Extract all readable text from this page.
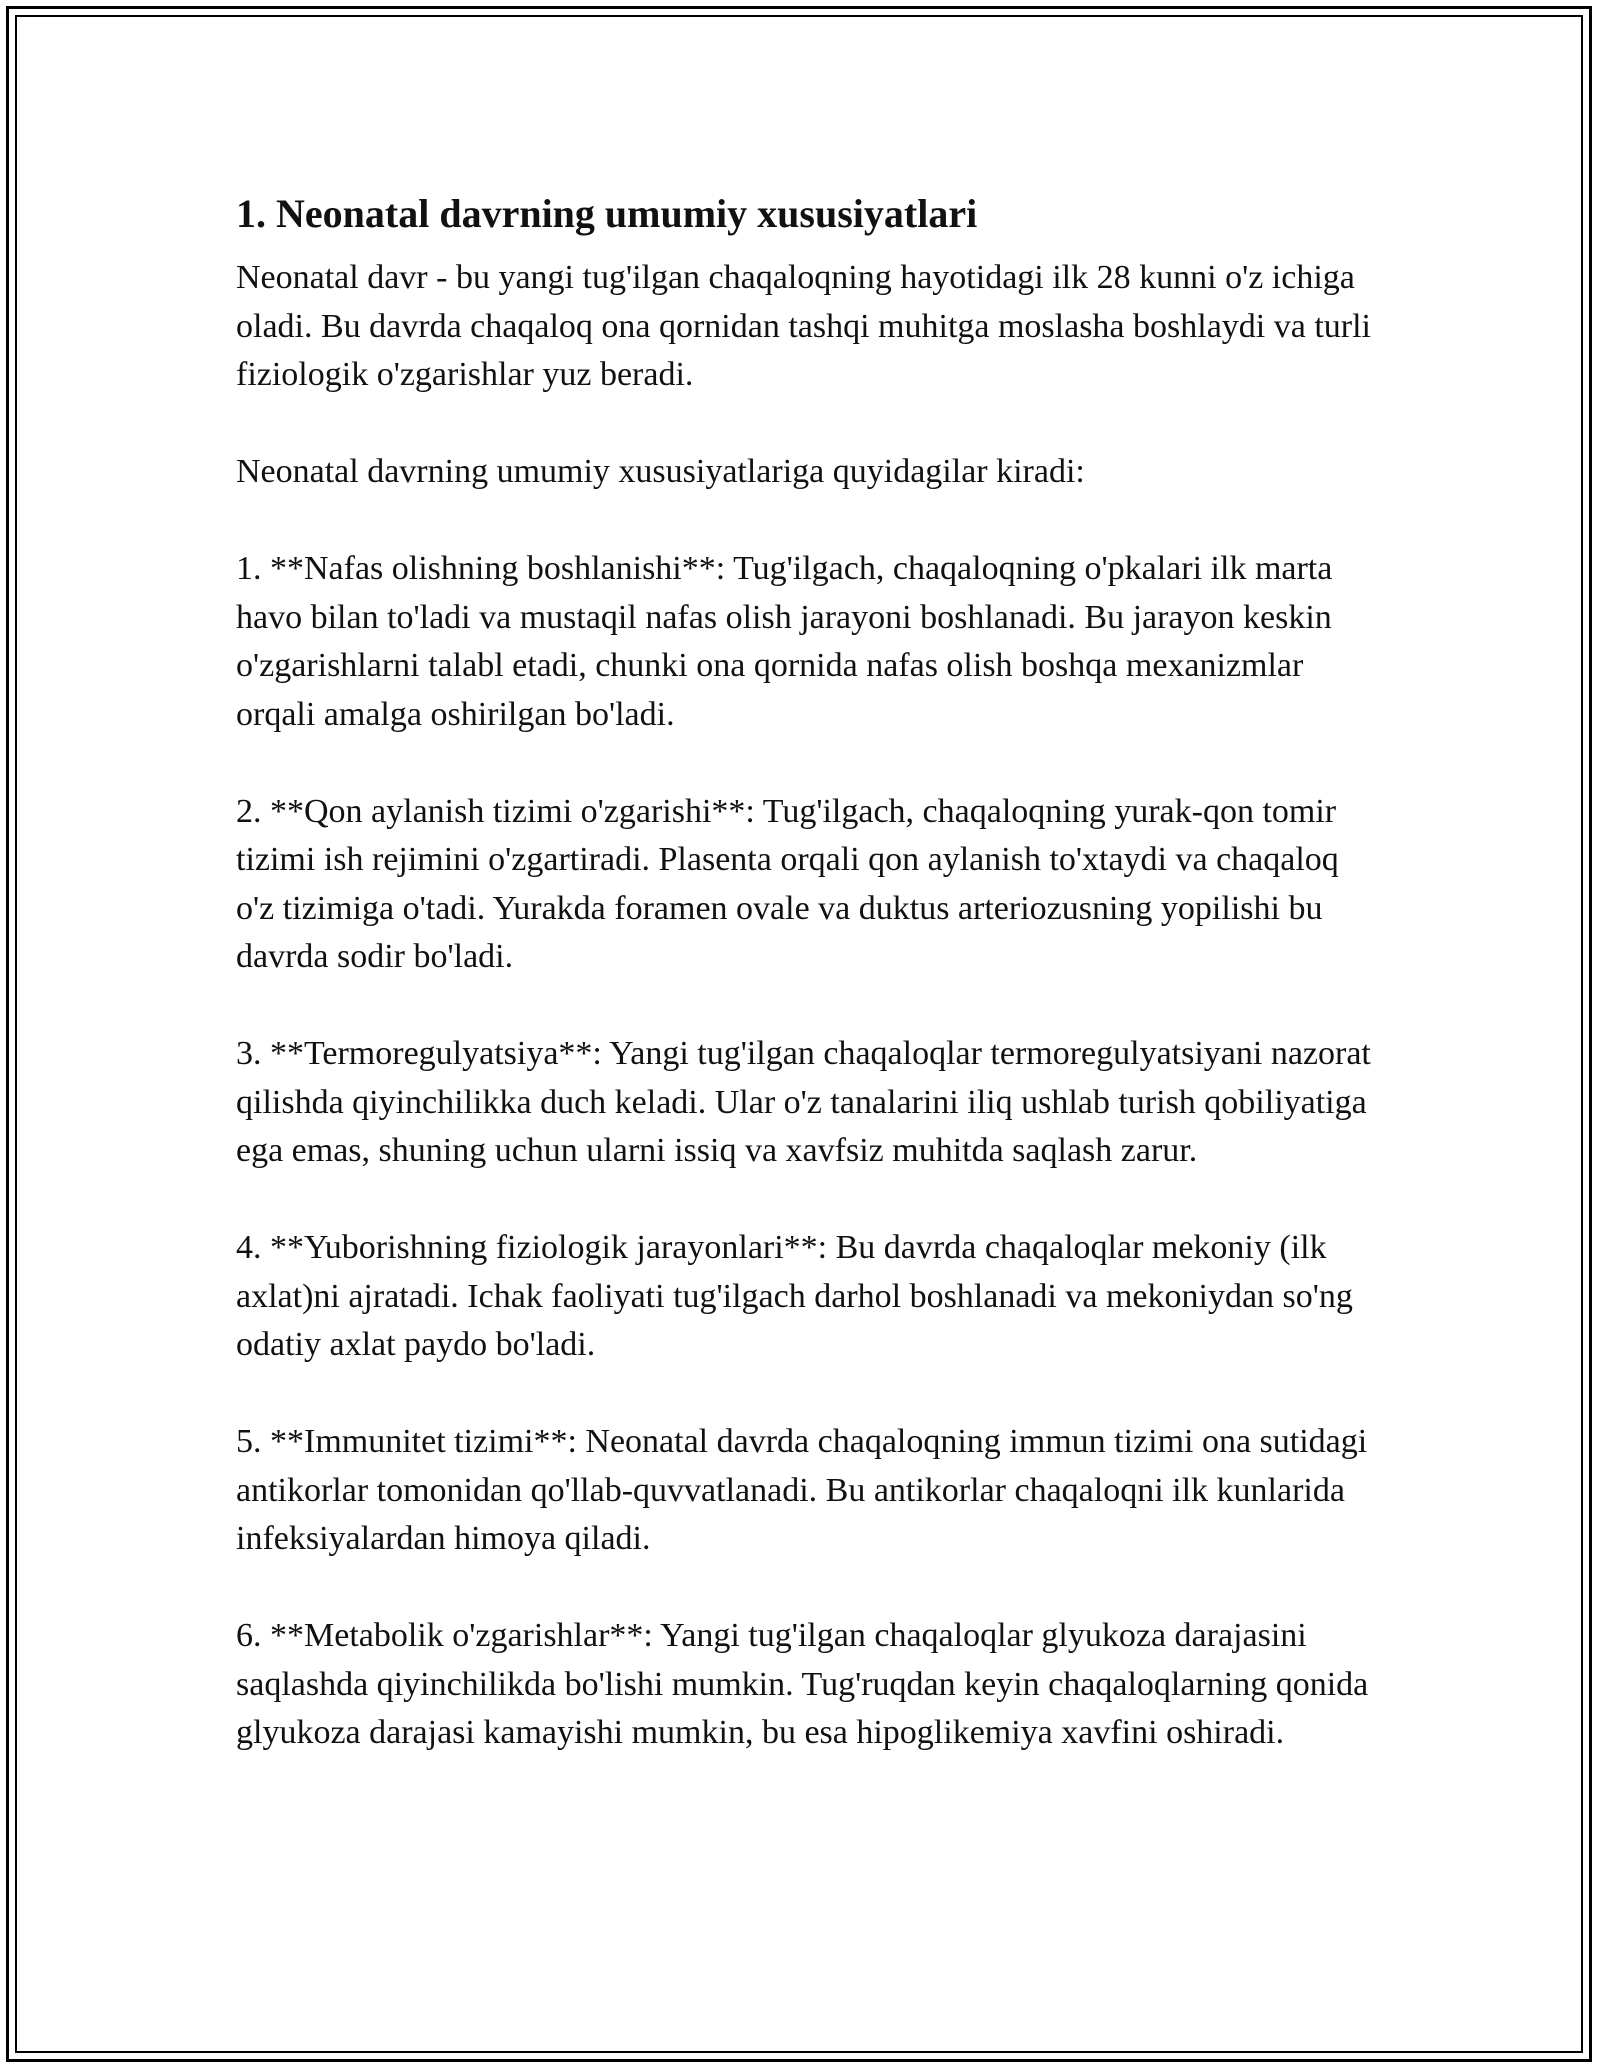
1. Neonatal davrning umumiy xususiyatlari

Neonatal davr - bu yangi tug'ilgan chaqaloqning hayotidagi ilk 28 kunni o'z ichiga oladi. Bu davrda chaqaloq ona qornidan tashqi muhitga moslasha boshlaydi va turli fiziologik o'zgarishlar yuz beradi.

Neonatal davrning umumiy xususiyatlariga quyidagilar kiradi:

1. **Nafas olishning boshlanishi**: Tug'ilgach, chaqaloqning o'pkalari ilk marta havo bilan to'ladi va mustaqil nafas olish jarayoni boshlanadi. Bu jarayon keskin o'zgarishlarni talabl etadi, chunki ona qornida nafas olish boshqa mexanizmlar orqali amalga oshirilgan bo'ladi.

2. **Qon aylanish tizimi o'zgarishi**: Tug'ilgach, chaqaloqning yurak-qon tomir tizimi ish rejimini o'zgartiradi. Plasenta orqali qon aylanish to'xtaydi va chaqaloq o'z tizimiga o'tadi. Yurakda foramen ovale va duktus arteriozusning yopilishi bu davrda sodir bo'ladi.

3. **Termoregulyatsiya**: Yangi tug'ilgan chaqaloqlar termoregulyatsiyani nazorat qilishda qiyinchilikka duch keladi. Ular o'z tanalarini iliq ushlab turish qobiliyatiga ega emas, shuning uchun ularni issiq va xavfsiz muhitda saqlash zarur.

4. **Yuborishning fiziologik jarayonlari**: Bu davrda chaqaloqlar mekoniy (ilk axlat)ni ajratadi. Ichak faoliyati tug'ilgach darhol boshlanadi va mekoniydan so'ng odatiy axlat paydo bo'ladi.

5. **Immunitet tizimi**: Neonatal davrda chaqaloqning immun tizimi ona sutidagi antikorlar tomonidan qo'llab-quvvatlanadi. Bu antikorlar chaqaloqni ilk kunlarida infeksiyalardan himoya qiladi.

6. **Metabolik o'zgarishlar**: Yangi tug'ilgan chaqaloqlar glyukoza darajasini saqlashda qiyinchilikda bo'lishi mumkin. Tug'ruqdan keyin chaqaloqlarning qonida glyukoza darajasi kamayishi mumkin, bu esa hipoglikemiya xavfini oshiradi.
